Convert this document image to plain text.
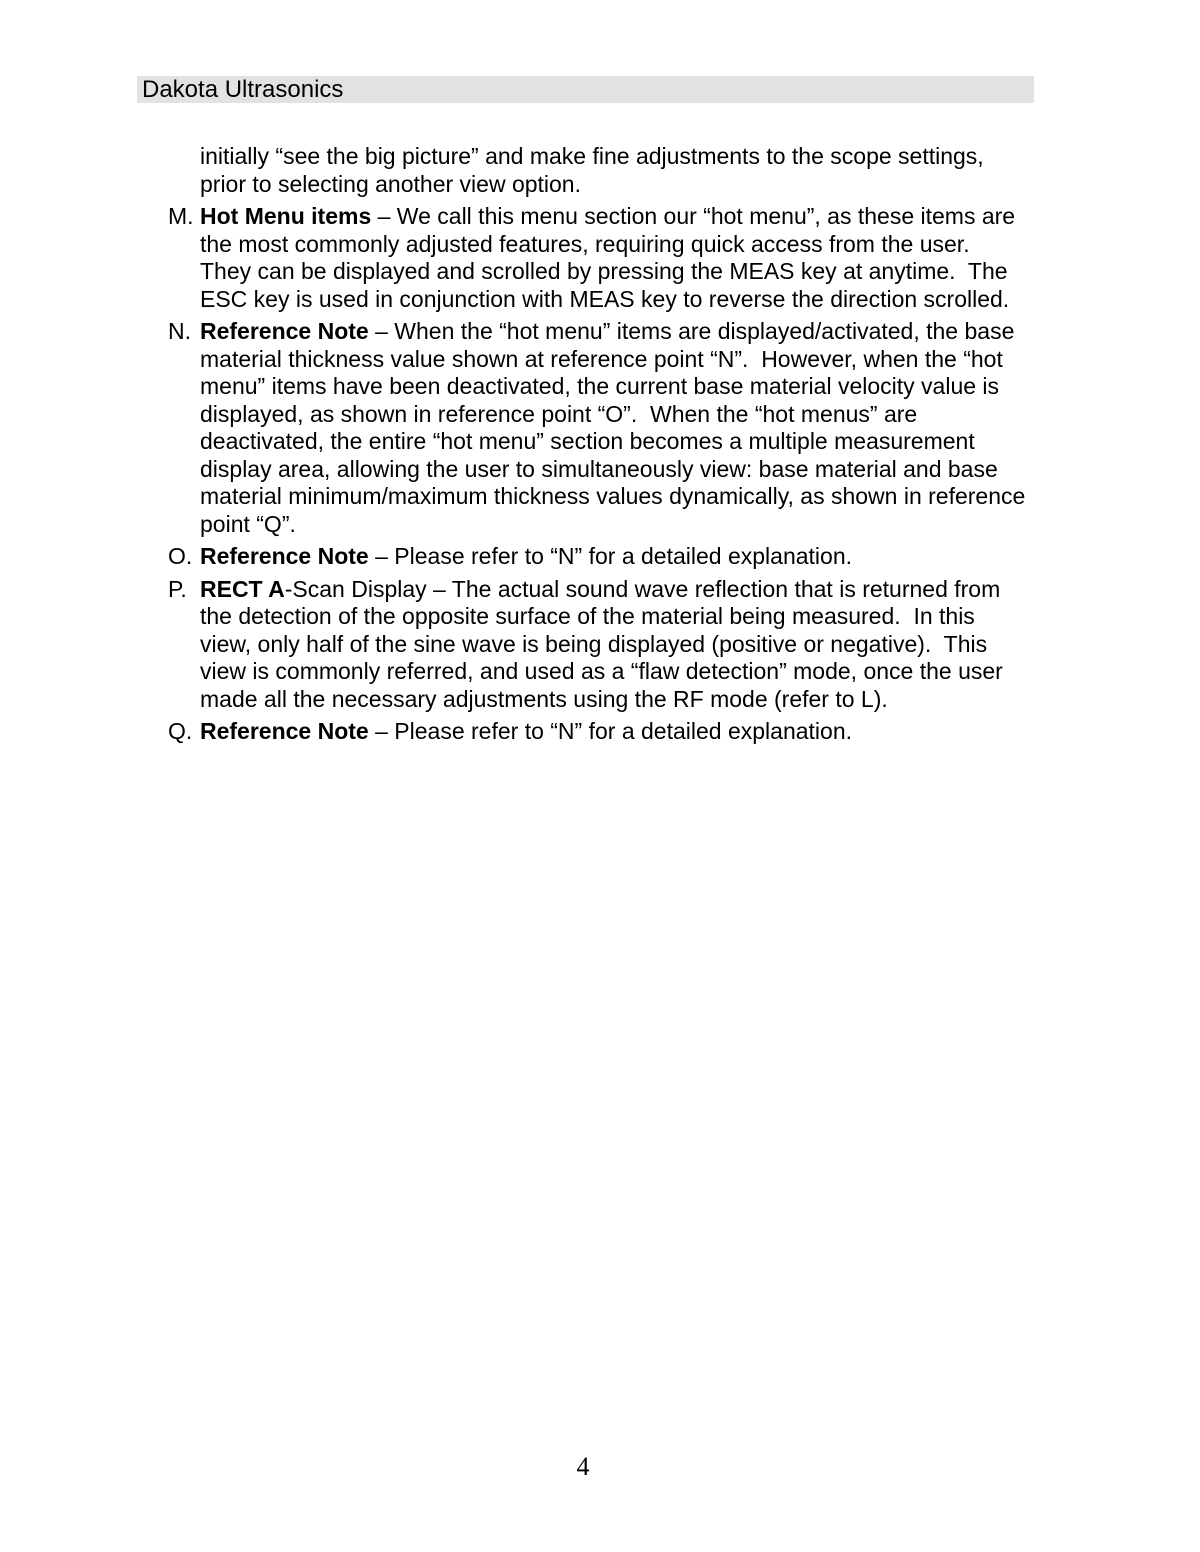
Dakota Ultrasonics
initially “see the big picture” and make fine adjustments to the scope settings, prior to selecting another view option.
M. Hot Menu items – We call this menu section our “hot menu”, as these items are the most commonly adjusted features, requiring quick access from the user.  They can be displayed and scrolled by pressing the MEAS key at anytime.  The ESC key is used in conjunction with MEAS key to reverse the direction scrolled.
N. Reference Note – When the “hot menu” items are displayed/activated, the base material thickness value shown at reference point “N”.  However, when the “hot menu” items have been deactivated, the current base material velocity value is displayed, as shown in reference point “O”.  When the “hot menus” are deactivated, the entire “hot menu” section becomes a multiple measurement display area, allowing the user to simultaneously view: base material and base material minimum/maximum thickness values dynamically, as shown in reference point “Q”.
O. Reference Note – Please refer to “N” for a detailed explanation.
P. RECT A-Scan Display – The actual sound wave reflection that is returned from the detection of the opposite surface of the material being measured.  In this view, only half of the sine wave is being displayed (positive or negative).  This view is commonly referred, and used as a “flaw detection” mode, once the user made all the necessary adjustments using the RF mode (refer to L).
Q. Reference Note – Please refer to “N” for a detailed explanation.
4
